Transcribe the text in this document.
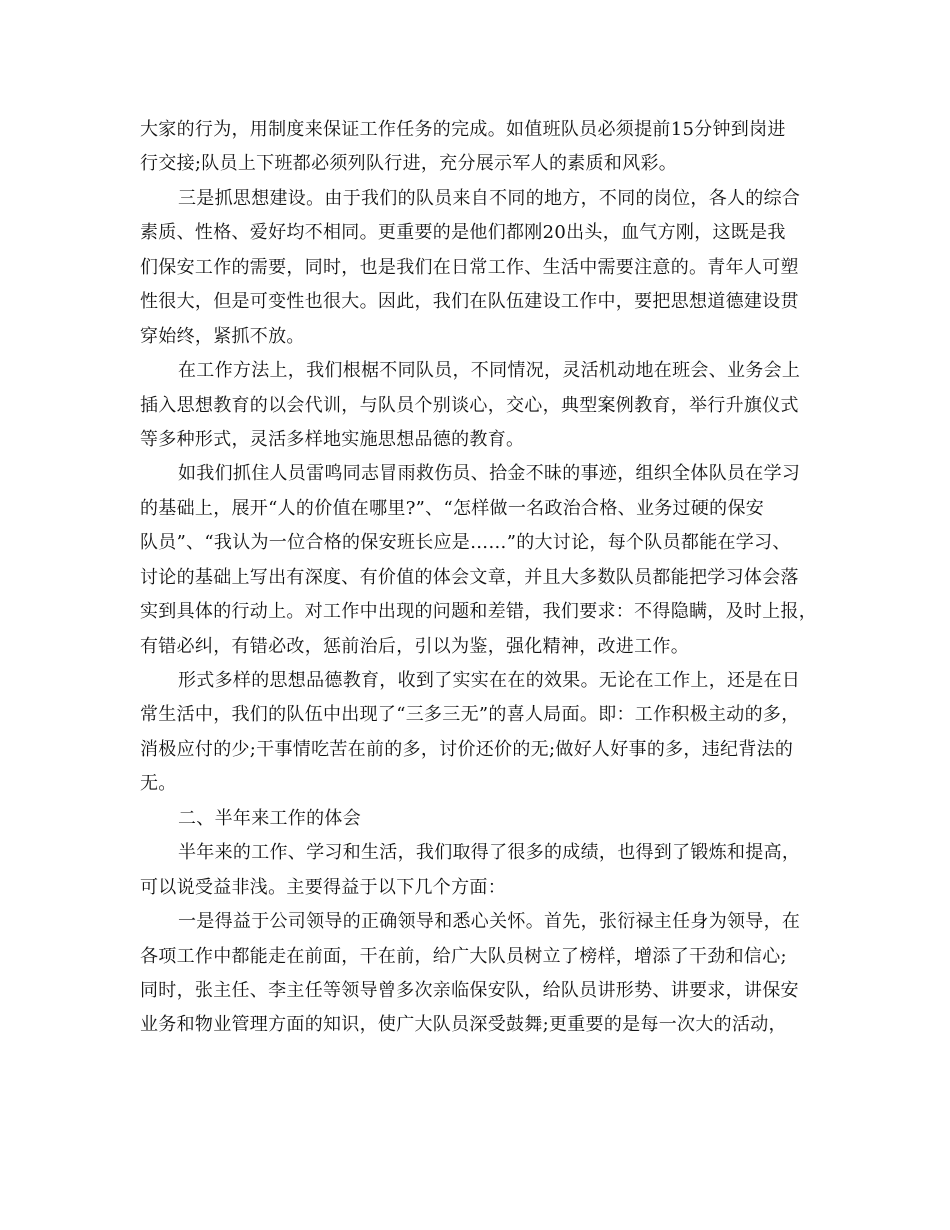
大家的行为，用制度来保证工作任务的完成。如值班队员必须提前15分钟到岗进
行交接;队员上下班都必须列队行进，充分展示军人的素质和风彩。
三是抓思想建设。由于我们的队员来自不同的地方，不同的岗位，各人的综合
素质、性格、爱好均不相同。更重要的是他们都刚20出头，血气方刚，这既是我
们保安工作的需要，同时，也是我们在日常工作、生活中需要注意的。青年人可塑
性很大，但是可变性也很大。因此，我们在队伍建设工作中，要把思想道德建设贯
穿始终，紧抓不放。
在工作方法上，我们根椐不同队员，不同情况，灵活机动地在班会、业务会上
插入思想教育的以会代训，与队员个别谈心，交心，典型案例教育，举行升旗仪式
等多种形式，灵活多样地实施思想品德的教育。
如我们抓住人员雷鸣同志冒雨救伤员、拾金不昧的事迹，组织全体队员在学习
的基础上，展开“人的价值在哪里?”、“怎样做一名政治合格、业务过硬的保安
队员”、“我认为一位合格的保安班长应是……”的大讨论，每个队员都能在学习、
讨论的基础上写出有深度、有价值的体会文章，并且大多数队员都能把学习体会落
实到具体的行动上。对工作中出现的问题和差错，我们要求：不得隐瞒，及时上报，
有错必纠，有错必改，惩前治后，引以为鉴，强化精神，改进工作。
形式多样的思想品德教育，收到了实实在在的效果。无论在工作上，还是在日
常生活中，我们的队伍中出现了“三多三无”的喜人局面。即：工作积极主动的多，
消极应付的少;干事情吃苦在前的多，讨价还价的无;做好人好事的多，违纪背法的
无。
二、半年来工作的体会
半年来的工作、学习和生活，我们取得了很多的成绩，也得到了锻炼和提高，
可以说受益非浅。主要得益于以下几个方面：
一是得益于公司领导的正确领导和悉心关怀。首先，张衍禄主任身为领导，在
各项工作中都能走在前面，干在前，给广大队员树立了榜样，增添了干劲和信心;
同时，张主任、李主任等领导曾多次亲临保安队，给队员讲形势、讲要求，讲保安
业务和物业管理方面的知识，使广大队员深受鼓舞;更重要的是每一次大的活动，
